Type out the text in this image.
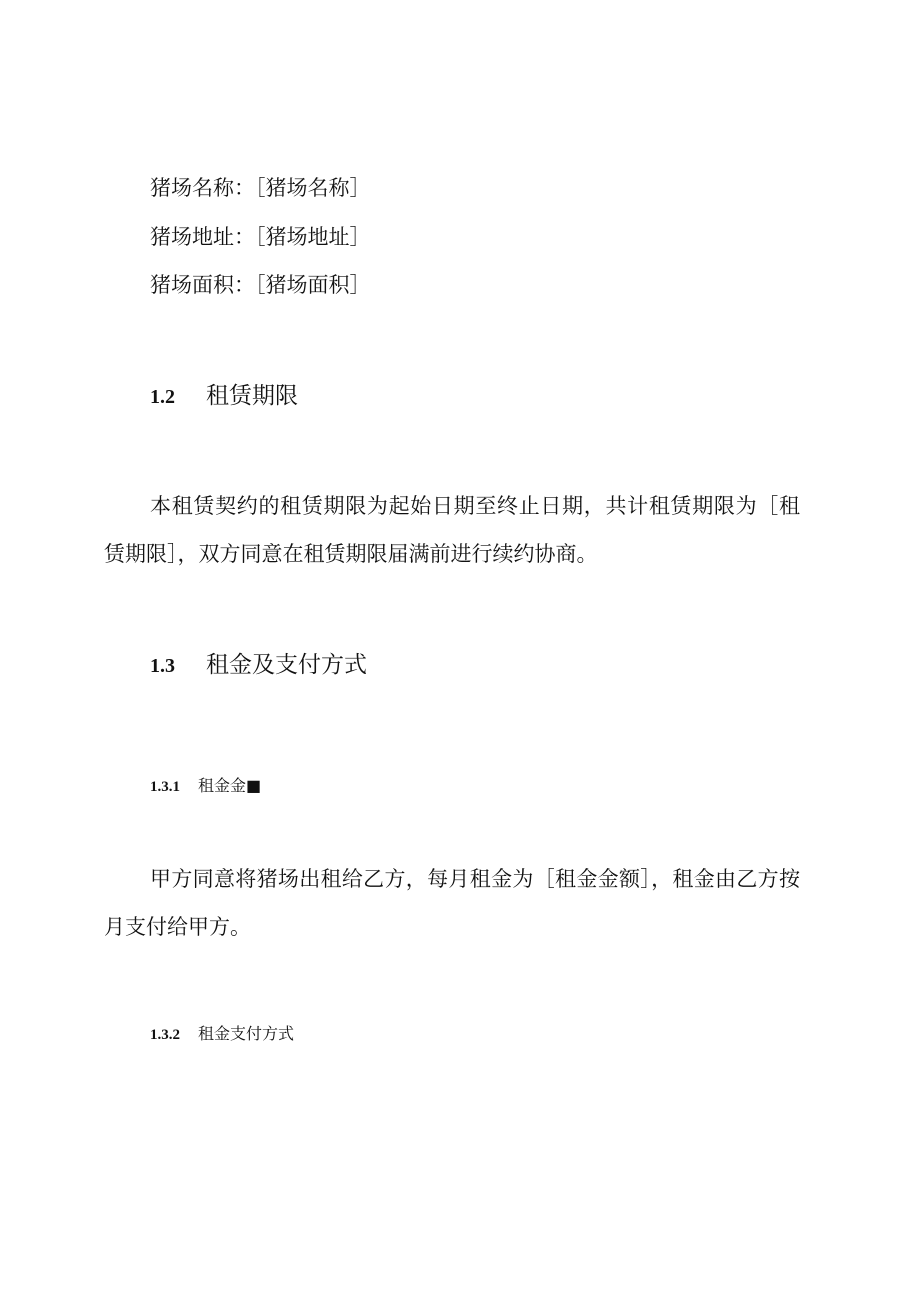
猪场名称：［猪场名称］
猪场地址：［猪场地址］
猪场面积：［猪场面积］
1.2 租赁期限
本租赁契约的租赁期限为起始日期至终止日期，共计租赁期限为［租赁期限］，双方同意在租赁期限届满前进行续约协商。
1.3 租金及支付方式
1.3.1 租金金■
甲方同意将猪场出租给乙方，每月租金为［租金金额］，租金由乙方按月支付给甲方。
1.3.2 租金支付方式
